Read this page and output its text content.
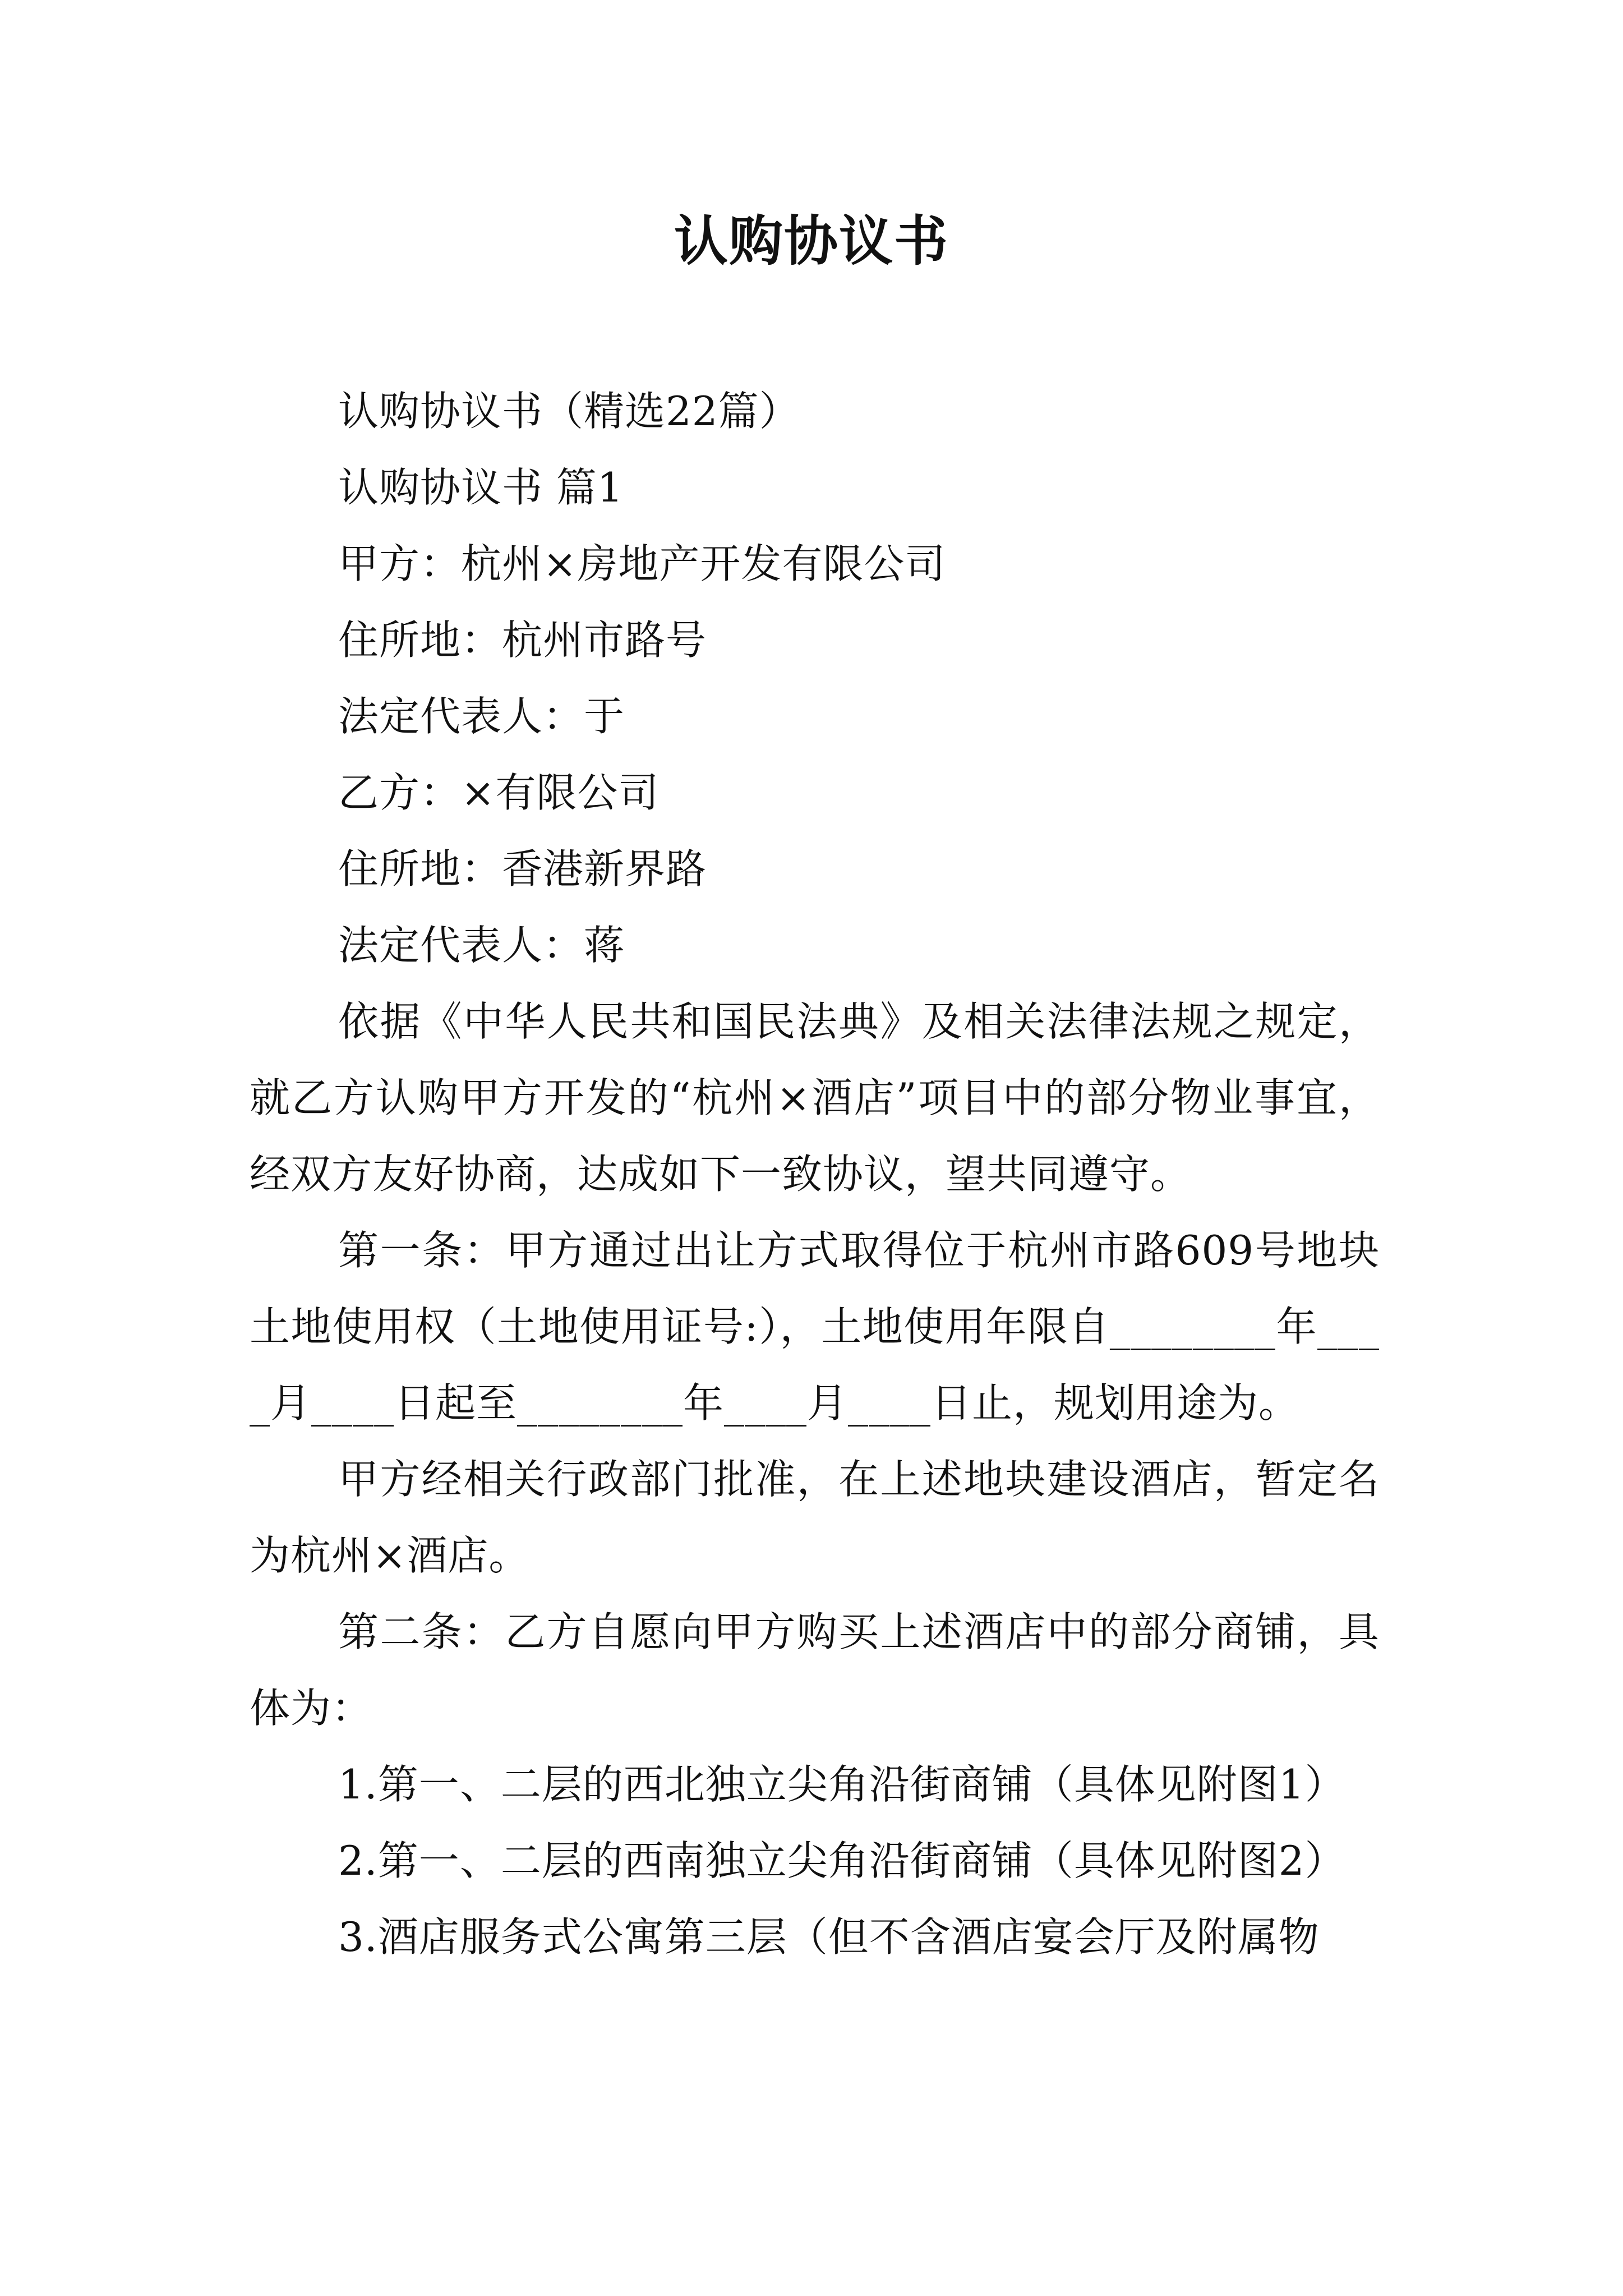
认购协议书

认购协议书（精选22篇）

认购协议书 篇1

甲方：杭州×房地产开发有限公司

住所地：杭州市路号

法定代表人：于

乙方：×有限公司

住所地：香港新界路

法定代表人：蒋

依据《中华人民共和国民法典》及相关法律法规之规定，就乙方认购甲方开发的“杭州×酒店”项目中的部分物业事宜，经双方友好协商，达成如下一致协议，望共同遵守。

第一条：甲方通过出让方式取得位于杭州市路609号地块土地使用权（土地使用证号:），土地使用年限自________年____月____日起至________年____月____日止，规划用途为。

甲方经相关行政部门批准，在上述地块建设酒店，暂定名为杭州×酒店。

第二条：乙方自愿向甲方购买上述酒店中的部分商铺，具体为：

1.第一、二层的西北独立尖角沿街商铺（具体见附图1）

2.第一、二层的西南独立尖角沿街商铺（具体见附图2）

3.酒店服务式公寓第三层（但不含酒店宴会厅及附属物
